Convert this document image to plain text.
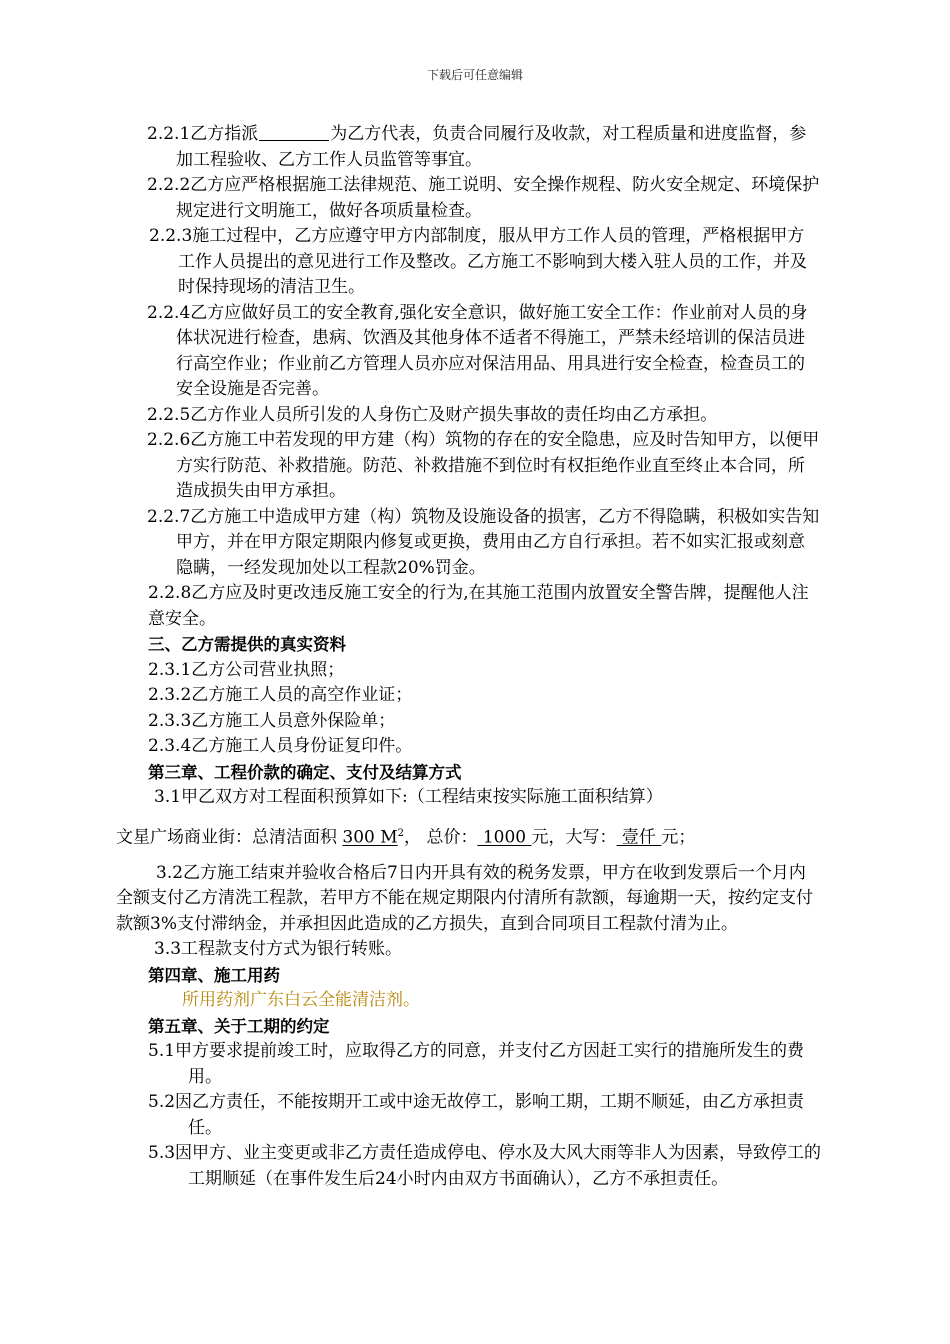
下载后可任意编辑
2.2.1乙方指派	为乙方代表，负责合同履行及收款，对工程质量和进度监督，参加工程验收、乙方工作人员监管等事宜。
2.2.2乙方应严格根据施工法律规范、施工说明、安全操作规程、防火安全规定、环境保护规定进行文明施工，做好各项质量检查。
2.2.3施工过程中，乙方应遵守甲方内部制度，服从甲方工作人员的管理，严格根据甲方工作人员提出的意见进行工作及整改。乙方施工不影响到大楼入驻人员的工作，并及时保持现场的清洁卫生。
2.2.4乙方应做好员工的安全教育,强化安全意识，做好施工安全工作：作业前对人员的身体状况进行检查，患病、饮酒及其他身体不适者不得施工，严禁未经培训的保洁员进行高空作业；作业前乙方管理人员亦应对保洁用品、用具进行安全检查，检查员工的安全设施是否完善。
2.2.5乙方作业人员所引发的人身伤亡及财产损失事故的责任均由乙方承担。
2.2.6乙方施工中若发现的甲方建（构）筑物的存在的安全隐患，应及时告知甲方，以便甲方实行防范、补救措施。防范、补救措施不到位时有权拒绝作业直至终止本合同，所造成损失由甲方承担。
2.2.7乙方施工中造成甲方建（构）筑物及设施设备的损害，乙方不得隐瞒，积极如实告知甲方，并在甲方限定期限内修复或更换，费用由乙方自行承担。若不如实汇报或刻意隐瞒，一经发现加处以工程款20%罚金。
2.2.8乙方应及时更改违反施工安全的行为,在其施工范围内放置安全警告牌，提醒他人注意安全。
三、乙方需提供的真实资料
2.3.1乙方公司营业执照；
2.3.2乙方施工人员的高空作业证；
2.3.3乙方施工人员意外保险单；
2.3.4乙方施工人员身份证复印件。
第三章、工程价款的确定、支付及结算方式
3.1甲乙双方对工程面积预算如下:（工程结束按实际施工面积结算）
文星广场商业街：总清洁面积 300 $M^2$， 总价： 1000 元，大写： 壹仟 元；
3.2乙方施工结束并验收合格后7日内开具有效的税务发票，甲方在收到发票后一个月内全额支付乙方清洗工程款，若甲方不能在规定期限内付清所有款额，每逾期一天，按约定支付款额3%支付滞纳金，并承担因此造成的乙方损失，直到合同项目工程款付清为止。
3.3工程款支付方式为银行转账。
第四章、施工用药
所用药剂广东白云全能清洁剂。
第五章、关于工期的约定
5.1甲方要求提前竣工时，应取得乙方的同意，并支付乙方因赶工实行的措施所发生的费用。
5.2因乙方责任，不能按期开工或中途无故停工，影响工期，工期不顺延，由乙方承担责任。
5.3因甲方、业主变更或非乙方责任造成停电、停水及大风大雨等非人为因素，导致停工的工期顺延（在事件发生后24小时内由双方书面确认），乙方不承担责任。
